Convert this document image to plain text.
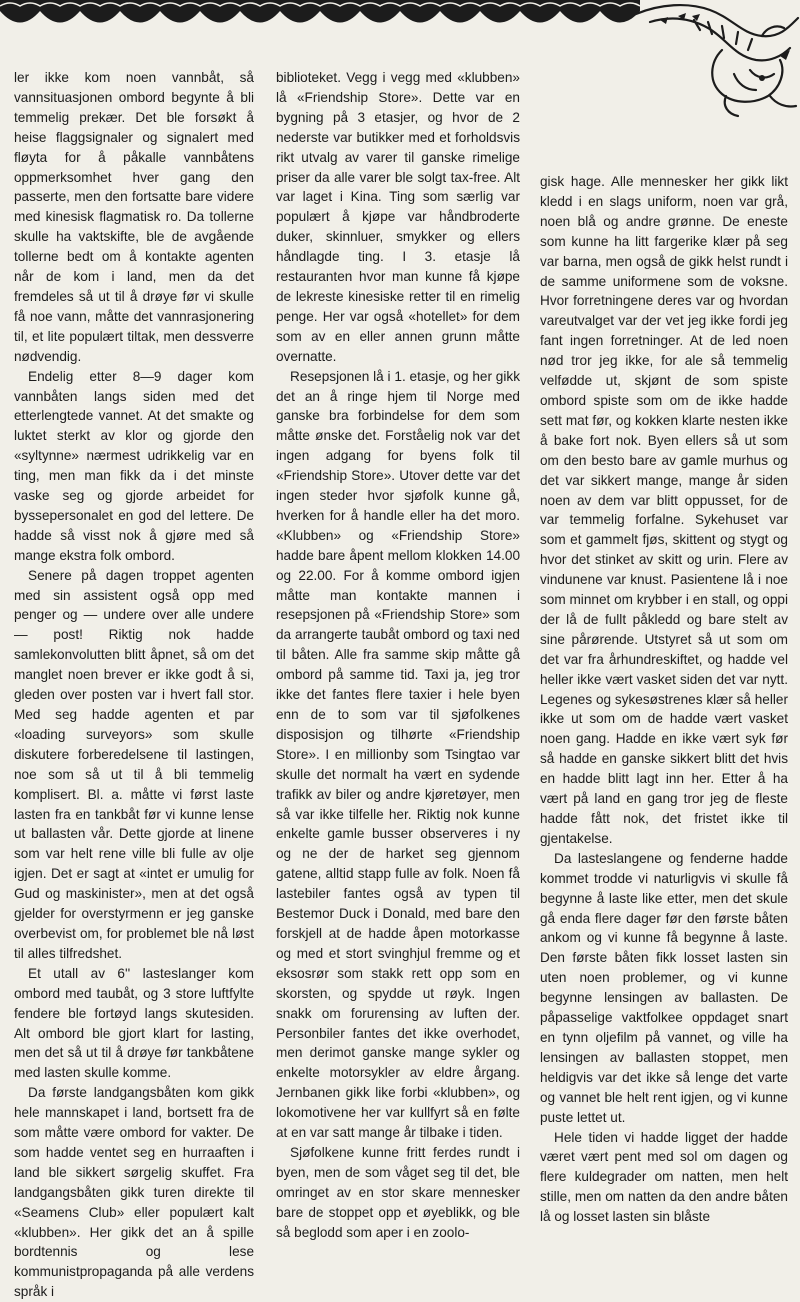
ler ikke kom noen vannbåt, så vannsituasjonen ombord begynte å bli temmelig prekær. Det ble forsøkt å heise flaggsignaler og signalert med fløyta for å påkalle vannbåtens oppmerksomhet hver gang den passerte, men den fortsatte bare videre med kinesisk flagmatisk ro. Da tollerne skulle ha vaktskifte, ble de avgående tollerne bedt om å kontakte agenten når de kom i land, men da det fremdeles så ut til å drøye før vi skulle få noe vann, måtte det vannrasjonering til, et lite populært tiltak, men dessverre nødvendig.

Endelig etter 8—9 dager kom vannbåten langs siden med det etterlengtede vannet. At det smakte og luktet sterkt av klor og gjorde den «syltynne» nærmest udrikkelig var en ting, men man fikk da i det minste vaske seg og gjorde arbeidet for byssepersonalet en god del lettere. De hadde så visst nok å gjøre med så mange ekstra folk ombord.

Senere på dagen troppet agenten med sin assistent også opp med penger og — undere over alle undere — post! Riktig nok hadde samlekonvolutten blitt åpnet, så om det manglet noen brever er ikke godt å si, gleden over posten var i hvert fall stor. Med seg hadde agenten et par «loading surveyors» som skulle diskutere forberedelsene til lastingen, noe som så ut til å bli temmelig komplisert. Bl. a. måtte vi først laste lasten fra en tankbåt før vi kunne lense ut ballasten vår. Dette gjorde at linene som var helt rene ville bli fulle av olje igjen. Det er sagt at «intet er umulig for Gud og maskinister», men at det også gjelder for overstyrmenn er jeg ganske overbevist om, for problemet ble nå løst til alles tilfredshet.

Et utall av 6'' lasteslanger kom ombord med taubåt, og 3 store luftfylte fendere ble fortøyd langs skutesiden. Alt ombord ble gjort klart for lasting, men det så ut til å drøye før tankbåtene med lasten skulle komme.

Da første landgangsbåten kom gikk hele mannskapet i land, bortsett fra de som måtte være ombord for vakter. De som hadde ventet seg en hurraaften i land ble sikkert sørgelig skuffet. Fra landgangsbåten gikk turen direkte til «Seamens Club» eller populært kalt «klubben». Her gikk det an å spille bordtennis og lese kommunistpropaganda på alle verdens språk i

biblioteket. Vegg i vegg med «klubben» lå «Friendship Store». Dette var en bygning på 3 etasjer, og hvor de 2 nederste var butikker med et forholdsvis rikt utvalg av varer til ganske rimelige priser da alle varer ble solgt tax-free. Alt var laget i Kina. Ting som særlig var populært å kjøpe var håndbroderte duker, skinnluer, smykker og ellers håndlagde ting. I 3. etasje lå restauranten hvor man kunne få kjøpe de lekreste kinesiske retter til en rimelig penge. Her var også «hotellet» for dem som av en eller annen grunn måtte overnatte.

Resepsjonen lå i 1. etasje, og her gikk det an å ringe hjem til Norge med ganske bra forbindelse for dem som måtte ønske det. Forståelig nok var det ingen adgang for byens folk til «Friendship Store». Utover dette var det ingen steder hvor sjøfolk kunne gå, hverken for å handle eller ha det moro. «Klubben» og «Friendship Store» hadde bare åpent mellom klokken 14.00 og 22.00. For å komme ombord igjen måtte man kontakte mannen i resepsjonen på «Friendship Store» som da arrangerte taubåt ombord og taxi ned til båten. Alle fra samme skip måtte gå ombord på samme tid. Taxi ja, jeg tror ikke det fantes flere taxier i hele byen enn de to som var til sjøfolkenes disposisjon og tilhørte «Friendship Store». I en millionby som Tsingtao var skulle det normalt ha vært en sydende trafikk av biler og andre kjøretøyer, men så var ikke tilfelle her. Riktig nok kunne enkelte gamle busser observeres i ny og ne der de harket seg gjennom gatene, alltid stapp fulle av folk. Noen få lastebiler fantes også av typen til Bestemor Duck i Donald, med bare den forskjell at de hadde åpen motorkasse og med et stort svinghjul fremme og et eksosrør som stakk rett opp som en skorsten, og spydde ut røyk. Ingen snakk om forurensing av luften der. Personbiler fantes det ikke overhodet, men derimot ganske mange sykler og enkelte motorsykler av eldre årgang. Jernbanen gikk like forbi «klubben», og lokomotivene her var kullfyrt så en følte at en var satt mange år tilbake i tiden.

Sjøfolkene kunne fritt ferdes rundt i byen, men de som våget seg til det, ble omringet av en stor skare mennesker bare de stoppet opp et øyeblikk, og ble så beglodd som aper i en zoolo-

gisk hage. Alle mennesker her gikk likt kledd i en slags uniform, noen var grå, noen blå og andre grønne. De eneste som kunne ha litt fargerike klær på seg var barna, men også de gikk helst rundt i de samme uniformene som de voksne. Hvor forretningene deres var og hvordan vareutvalget var der vet jeg ikke fordi jeg fant ingen forretninger. At de led noen nød tror jeg ikke, for ale så temmelig velfødde ut, skjønt de som spiste ombord spiste som om de ikke hadde sett mat før, og kokken klarte nesten ikke å bake fort nok. Byen ellers så ut som om den besto bare av gamle murhus og det var sikkert mange, mange år siden noen av dem var blitt oppusset, for de var temmelig forfalne. Sykehuset var som et gammelt fjøs, skittent og stygt og hvor det stinket av skitt og urin. Flere av vindunene var knust. Pasientene lå i noe som minnet om krybber i en stall, og oppi der lå de fullt påkledd og bare stelt av sine pårørende. Utstyret så ut som om det var fra århundreskiftet, og hadde vel heller ikke vært vasket siden det var nytt. Legenes og sykesøstrenes klær så heller ikke ut som om de hadde vært vasket noen gang. Hadde en ikke vært syk før så hadde en ganske sikkert blitt det hvis en hadde blitt lagt inn her. Etter å ha vært på land en gang tror jeg de fleste hadde fått nok, det fristet ikke til gjentakelse.

Da lasteslangene og fenderne hadde kommet trodde vi naturligvis vi skulle få begynne å laste like etter, men det skule gå enda flere dager før den første båten ankom og vi kunne få begynne å laste. Den første båten fikk losset lasten sin uten noen problemer, og vi kunne begynne lensingen av ballasten. De påpasselige vaktfolkee oppdaget snart en tynn oljefilm på vannet, og ville ha lensingen av ballasten stoppet, men heldigvis var det ikke så lenge det varte og vannet ble helt rent igjen, og vi kunne puste lettet ut.

Hele tiden vi hadde ligget der hadde været vært pent med sol om dagen og flere kuldegrader om natten, men helt stille, men om natten da den andre båten lå og losset lasten sin blåste
